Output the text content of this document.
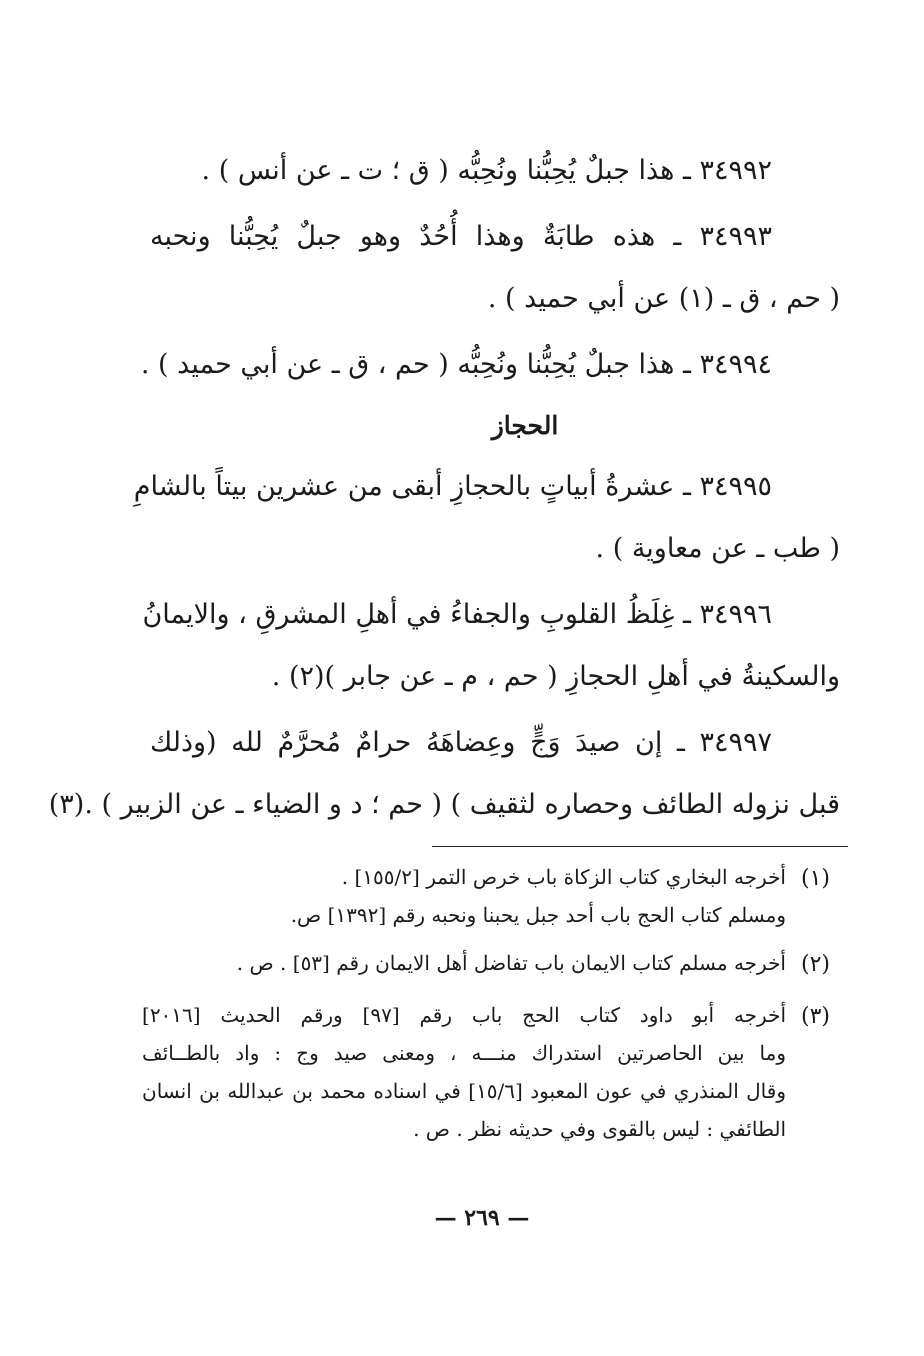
٣٤٩٩٢ ـ هذا جبلٌ يُحِبُّنا ونُحِبُّه ( ق ؛ ت ـ عن أنس ) .
٣٤٩٩٣ ـ هذه طابَةٌ وهذا أُحُدٌ وهو جبلٌ يُحِبُّنا ونحبه
( حم ، ق ـ (١) عن أبي حميد ) .
٣٤٩٩٤ ـ هذا جبلٌ يُحِبُّنا ونُحِبُّه ( حم ، ق ـ عن أبي حميد ) .
الحجاز
٣٤٩٩٥ ـ عشرةُ أبياتٍ بالحجازِ أبقى من عشرين بيتاً بالشامِ
( طب ـ عن معاوية ) .
٣٤٩٩٦ ـ غِلَظُ القلوبِ والجفاءُ في أهلِ المشرقِ ، والايمانُ
والسكينةُ في أهلِ الحجازِ ( حم ، م ـ عن جابر )(٢) .
٣٤٩٩٧ ـ إن صيدَ وَجٍّ وعِضاهَهُ حرامٌ مُحرَّمٌ لله (وذلك
قبل نزوله الطائف وحصاره لثقيف ) ( حم ؛ د و الضياء ـ عن الزبير ) .(٣)
(١)
أخرجه البخاري كتاب الزكاة باب خرص التمر [١٥٥/٢] .
ومسلم كتاب الحج باب أحد جبل يحبنا ونحبه رقم [١٣٩٢] ص.
(٢)
أخرجه مسلم كتاب الايمان باب تفاضل أهل الايمان رقم [٥٣] . ص .
(٣)
أخرجه أبو داود كتاب الحج باب رقم [٩٧] ورقم الحديث [٢٠١٦]
وما بين الحاصرتين استدراك منـــه ، ومعنى صيد وج : واد بالطــائف
وقال المنذري في عون المعبود [١٥/٦] في اسناده محمد بن عبدالله بن انسان
الطائفي : ليس بالقوى وفي حديثه نظر . ص .
— ٢٦٩ —
